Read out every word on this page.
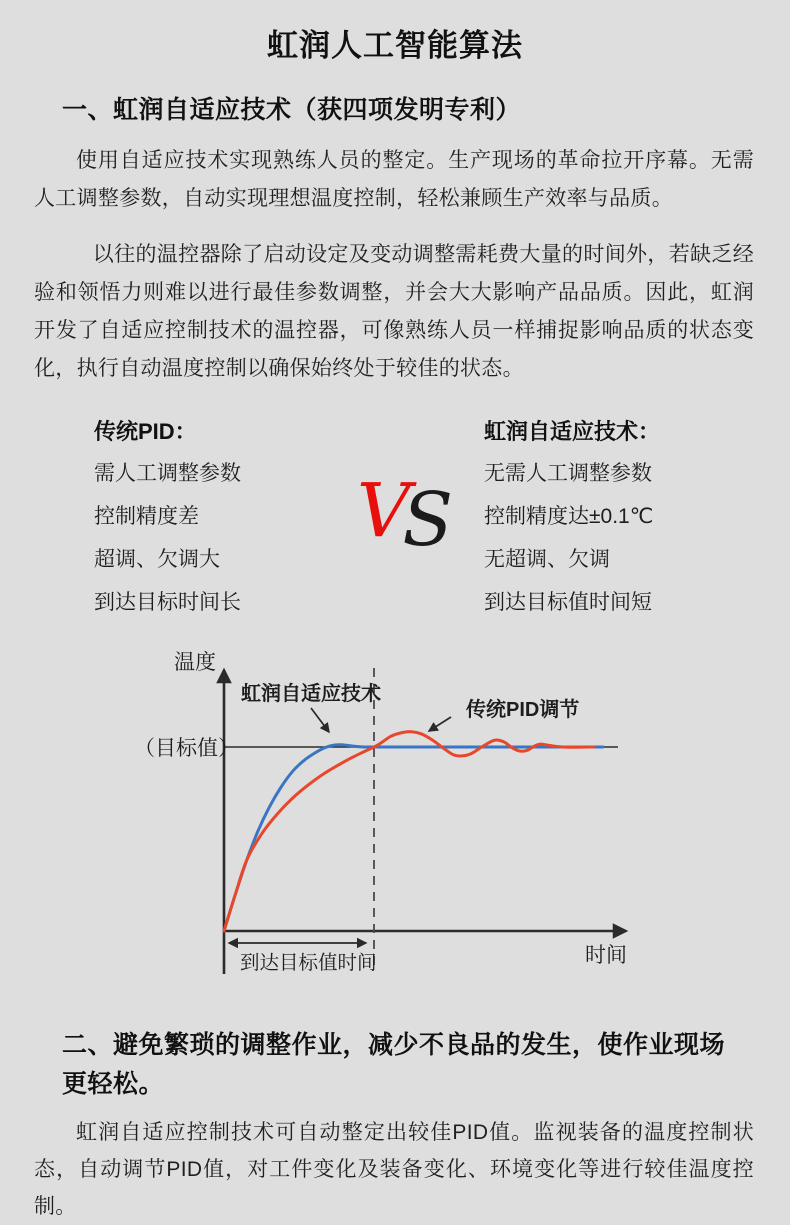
虹润人工智能算法
一、虹润自适应技术（获四项发明专利）

使用自适应技术实现熟练人员的整定。生产现场的革命拉开序幕。无需人工调整参数，自动实现理想温度控制，轻松兼顾生产效率与品质。

以往的温控器除了启动设定及变动调整需耗费大量的时间外，若缺乏经验和领悟力则难以进行最佳参数调整，并会大大影响产品品质。因此，虹润开发了自适应控制技术的温控器，可像熟练人员一样捕捉影响品质的状态变化，执行自动温度控制以确保始终处于较佳的状态。

传统PID：
需人工调整参数
控制精度差
超调、欠调大
到达目标时间长
VS
虹润自适应技术：
无需人工调整参数
控制精度达±0.1℃
无超调、欠调
到达目标值时间短
温度
（目标值）
虹润自适应技术
传统PID调节
到达目标值时间	时间
二、避免繁琐的调整作业，减少不良品的发生，使作业现场更轻松。

虹润自适应控制技术可自动整定出较佳PID值。监视装备的温度控制状态，自动调节PID值，对工件变化及装备变化、环境变化等进行较佳温度控制。
